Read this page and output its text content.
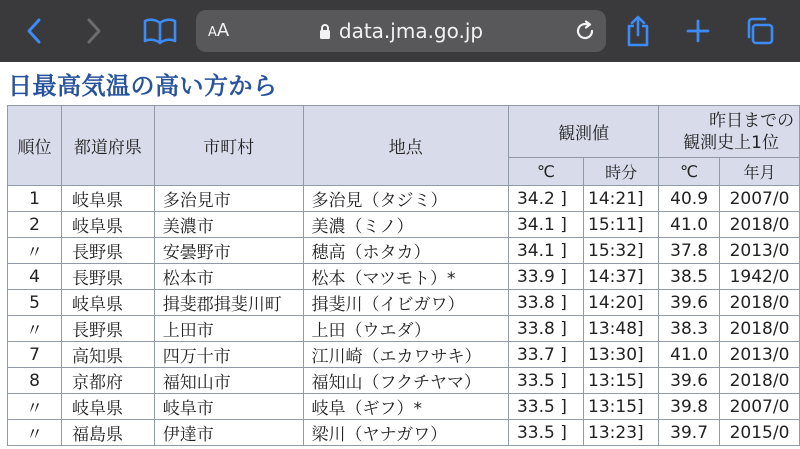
AA	data.jma.go.jp
日最高気温の高い方から
順位	都道府県	市町村	地点	観測値		昨日までの
観測史上1位	

				℃	時分	℃	年月
1	岐阜県	多治見市	多治見（タジミ）	34.2 ]	14:21]	40.9	2007/0
2	岐阜県	美濃市	美濃（ミノ）	34.1 ]	15:11]	41.0	2018/0
〃	長野県	安曇野市	穂高（ホタカ）	34.1 ]	15:32]	37.8	2013/0
4	長野県	松本市	松本（マツモト）*	33.9 ]	14:37]	38.5	1942/0
5	岐阜県	揖斐郡揖斐川町	揖斐川（イビガワ）	33.8 ]	14:20]	39.6	2018/0
〃	長野県	上田市	上田（ウエダ）	33.8 ]	13:48]	38.3	2018/0
7	高知県	四万十市	江川崎（エカワサキ）	33.7 ]	13:30]	41.0	2013/0
8	京都府	福知山市	福知山（フクチヤマ）	33.5 ]	13:15]	39.6	2018/0
〃	岐阜県	岐阜市	岐阜（ギフ）*	33.5 ]	13:15]	39.8	2007/0
〃	福島県	伊達市	梁川（ヤナガワ）	33.5 ]	13:23]	39.7	2015/0
